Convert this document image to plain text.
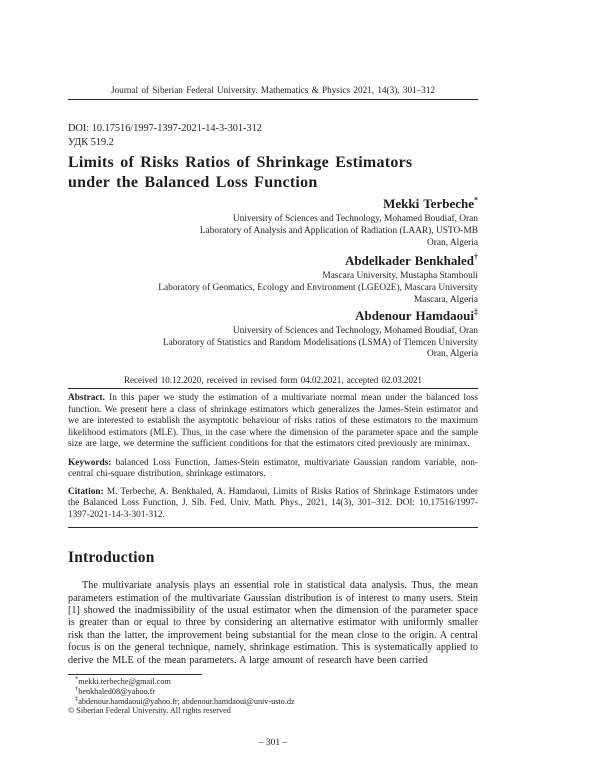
Journal of Siberian Federal University. Mathematics & Physics 2021, 14(3), 301–312
DOI: 10.17516/1997-1397-2021-14-3-301-312
УДК 519.2
Limits of Risks Ratios of Shrinkage Estimators
under the Balanced Loss Function
Mekki Terbeche*
University of Sciences and Technology, Mohamed Boudiaf, Oran
Laboratory of Analysis and Application of Radiation (LAAR), USTO-MB
Oran, Algeria
Abdelkader Benkhaled†
Mascara University, Mustapha Stambouli
Laboratory of Geomatics, Ecology and Environment (LGEO2E), Mascara University
Mascara, Algeria
Abdenour Hamdaoui‡
University of Sciences and Technology, Mohamed Boudiaf, Oran
Laboratory of Statistics and Random Modelisations (LSMA) of Tlemcen University
Oran, Algeria
Received 10.12.2020, received in revised form 04.02.2021, accepted 02.03.2021

Abstract. In this paper we study the estimation of a multivariate normal mean under the balanced loss function. We present here a class of shrinkage estimators which generalizes the James-Stein estimator and we are interested to establish the asymptotic behaviour of risks ratios of these estimators to the maximum likelihood estimators (MLE). Thus, in the case where the dimension of the parameter space and the sample size are large, we determine the sufficient conditions for that the estimators cited previously are minimax.

Keywords: balanced Loss Function, James-Stein estimator, multivariate Gaussian random variable, non-central chi-square distribution, shrinkage estimators.

Citation: M. Terbeche, A. Benkhaled, A. Hamdaoui, Limits of Risks Ratios of Shrinkage Estimators under the Balanced Loss Function, J. Sib. Fed. Univ. Math. Phys., 2021, 14(3), 301–312. DOI: 10.17516/1997-1397-2021-14-3-301-312.

Introduction

The multivariate analysis plays an essential role in statistical data analysis. Thus, the mean parameters estimation of the multivariate Gaussian distribution is of interest to many users. Stein [1] showed the inadmissibility of the usual estimator when the dimension of the parameter space is greater than or equal to three by considering an alternative estimator with uniformly smaller risk than the latter, the improvement being substantial for the mean close to the origin. A central focus is on the general technique, namely, shrinkage estimation. This is systematically applied to derive the MLE of the mean parameters. A large amount of research have been carried

*mekki.terbeche@gmail.com
†benkhaled08@yahoo.fr
‡abdenour.hamdaoui@yahoo.fr; abdenour.hamdaoui@univ-usto.dz
© Siberian Federal University. All rights reserved
– 301 –
